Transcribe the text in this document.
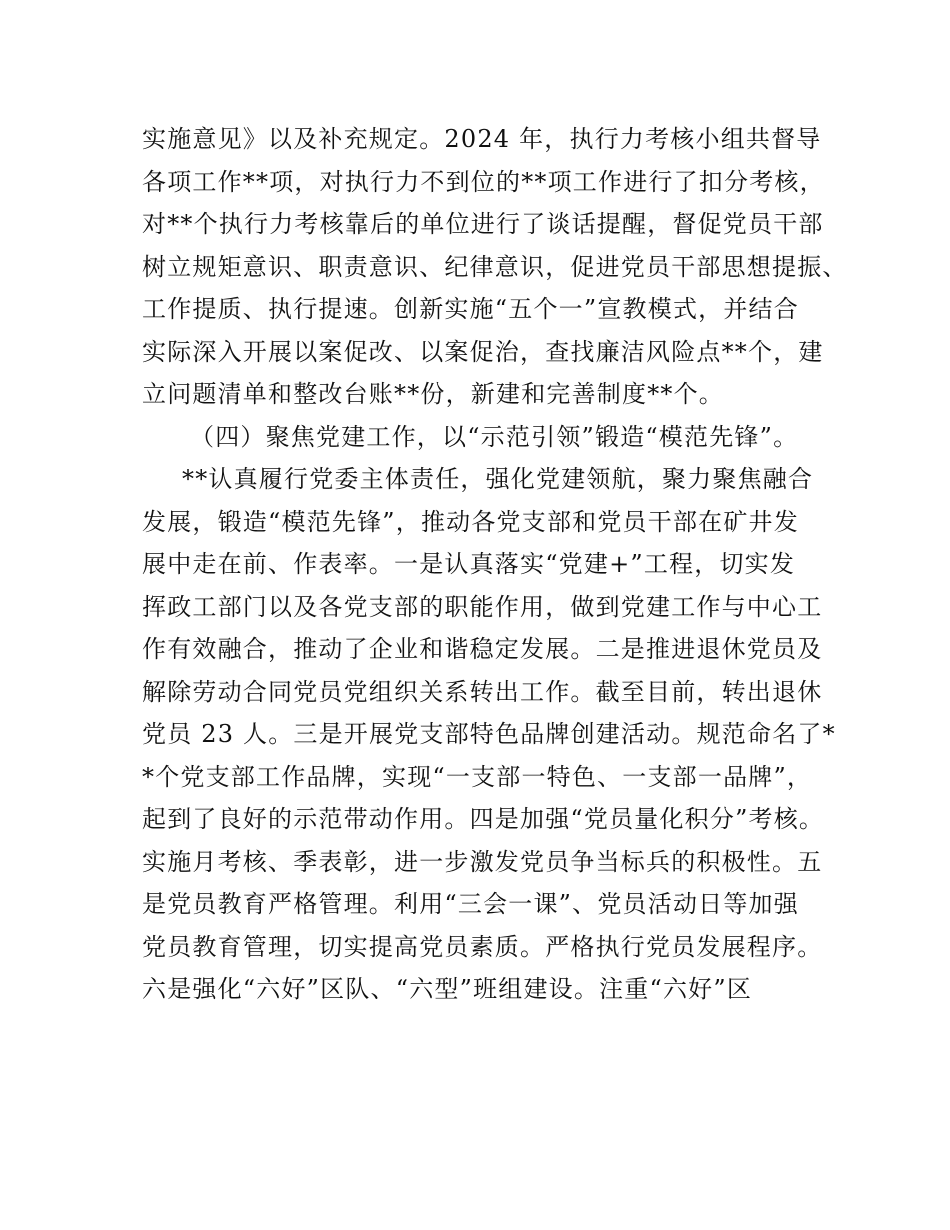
实施意见》以及补充规定。2024 年，执行力考核小组共督导
各项工作**项，对执行力不到位的**项工作进行了扣分考核，
对**个执行力考核靠后的单位进行了谈话提醒，督促党员干部
树立规矩意识、职责意识、纪律意识，促进党员干部思想提振、
工作提质、执行提速。创新实施“五个一”宣教模式，并结合
实际深入开展以案促改、以案促治，查找廉洁风险点**个，建
立问题清单和整改台账**份，新建和完善制度**个。
（四）聚焦党建工作，以“示范引领”锻造“模范先锋”。
**认真履行党委主体责任，强化党建领航，聚力聚焦融合
发展，锻造“模范先锋”，推动各党支部和党员干部在矿井发
展中走在前、作表率。一是认真落实“党建+”工程，切实发
挥政工部门以及各党支部的职能作用，做到党建工作与中心工
作有效融合，推动了企业和谐稳定发展。二是推进退休党员及
解除劳动合同党员党组织关系转出工作。截至目前，转出退休
党员 23 人。三是开展党支部特色品牌创建活动。规范命名了*
*个党支部工作品牌，实现“一支部一特色、一支部一品牌”，
起到了良好的示范带动作用。四是加强“党员量化积分”考核。
实施月考核、季表彰，进一步激发党员争当标兵的积极性。五
是党员教育严格管理。利用“三会一课”、党员活动日等加强
党员教育管理，切实提高党员素质。严格执行党员发展程序。
六是强化“六好”区队、“六型”班组建设。注重“六好”区
